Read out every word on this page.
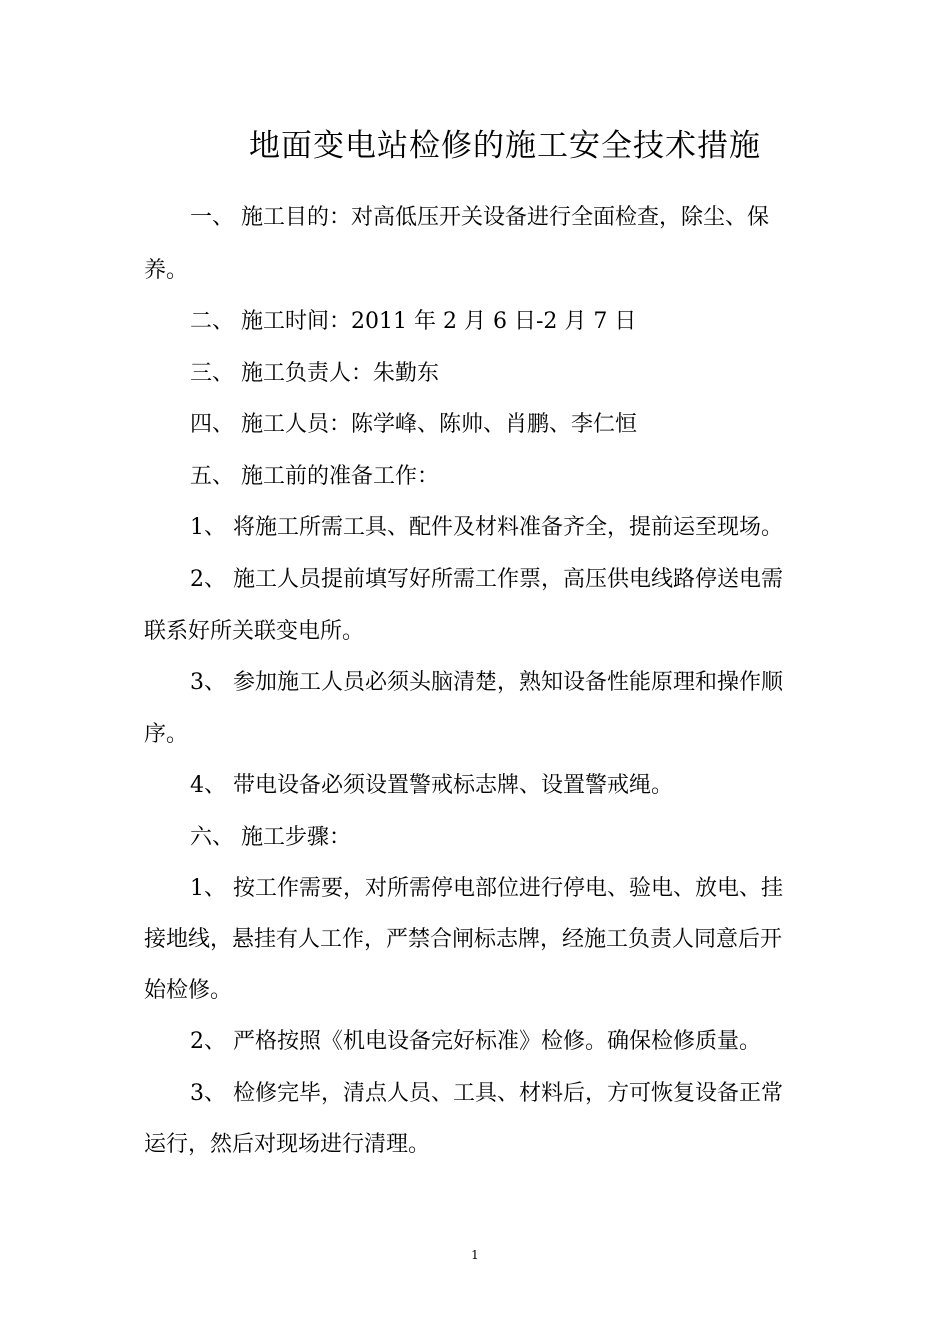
地面变电站检修的施工安全技术措施
一、 施工目的：对高低压开关设备进行全面检查，除尘、保
养。
二、 施工时间：2011 年 2 月 6 日-2 月 7 日
三、 施工负责人：朱勤东
四、 施工人员：陈学峰、陈帅、肖鹏、李仁恒
五、 施工前的准备工作：
1、 将施工所需工具、配件及材料准备齐全，提前运至现场。
2、 施工人员提前填写好所需工作票，高压供电线路停送电需
联系好所关联变电所。
3、 参加施工人员必须头脑清楚，熟知设备性能原理和操作顺
序。
4、 带电设备必须设置警戒标志牌、设置警戒绳。
六、 施工步骤：
1、 按工作需要，对所需停电部位进行停电、验电、放电、挂
接地线，悬挂有人工作，严禁合闸标志牌，经施工负责人同意后开
始检修。
2、 严格按照《机电设备完好标准》检修。确保检修质量。
3、 检修完毕，清点人员、工具、材料后，方可恢复设备正常
运行，然后对现场进行清理。
1
